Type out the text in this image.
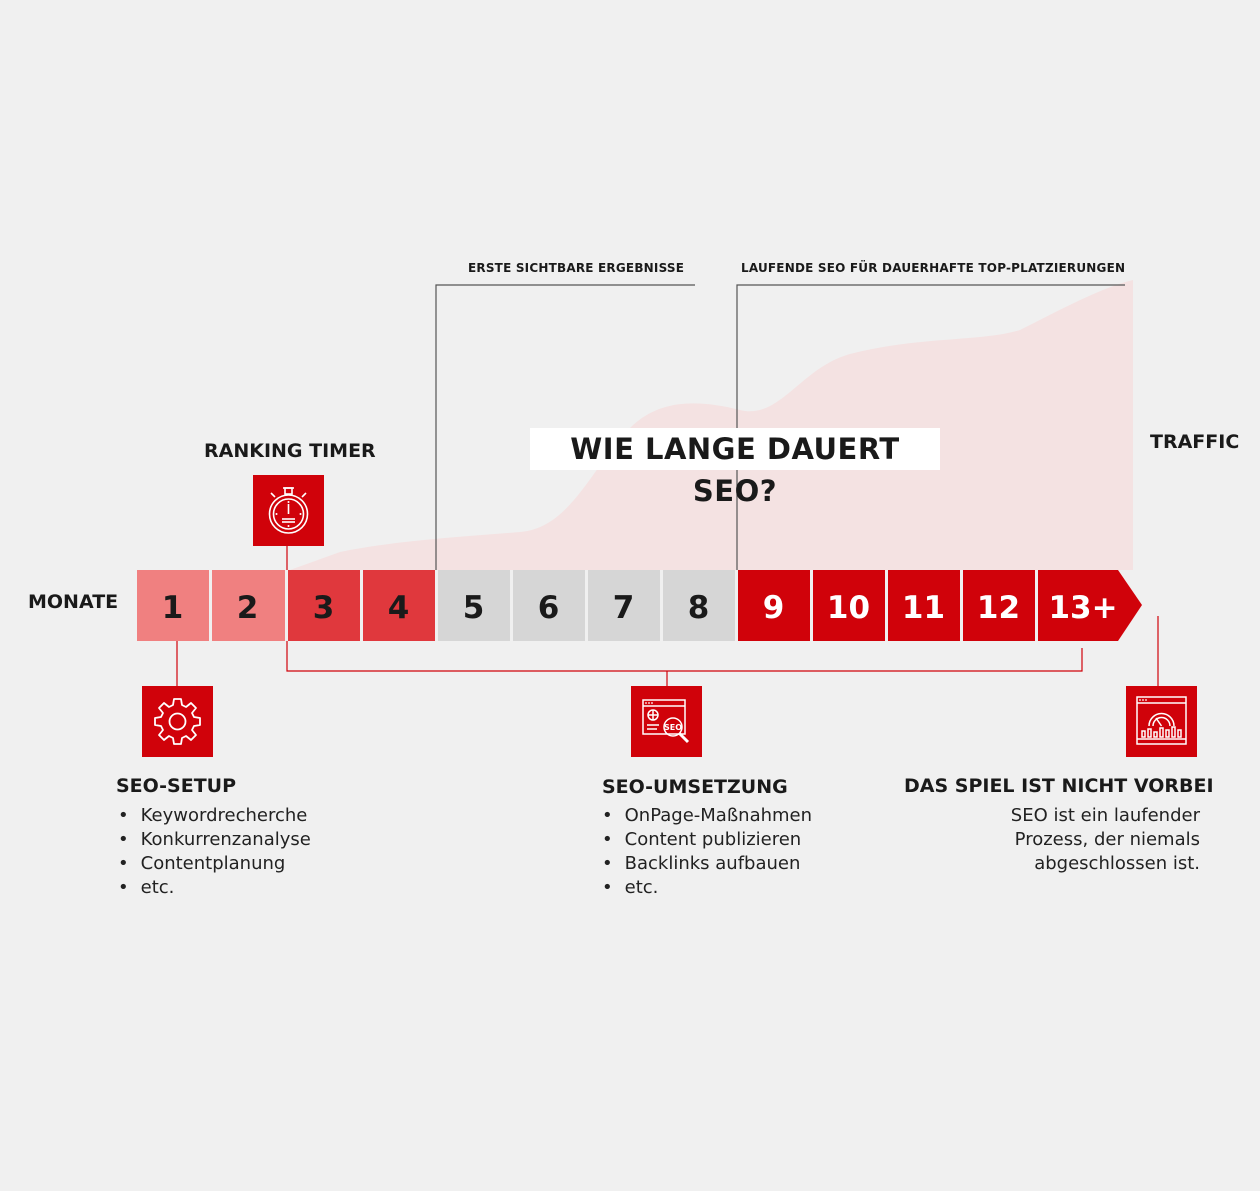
ERSTE SICHTBARE ERGEBNISSE	LAUFENDE SEO FÜR DAUERHAFTE TOP-PLATZIERUNGEN
WIE LANGE DAUERT SEO?
RANKING TIMER	TRAFFIC
MONATE	1	2	3	4	5	6	7	8	9	10	11	12 13+
SEO
SEO-SETUP
• Keywordrecherche
• Konkurrenzanalyse
• Contentplanung
• etc.
SEO-UMSETZUNG
• OnPage-Maßnahmen
• Content publizieren
• Backlinks aufbauen
• etc.
DAS SPIEL IST NICHT VORBEI
SEO ist ein laufender
Prozess, der niemals
abgeschlossen ist.
